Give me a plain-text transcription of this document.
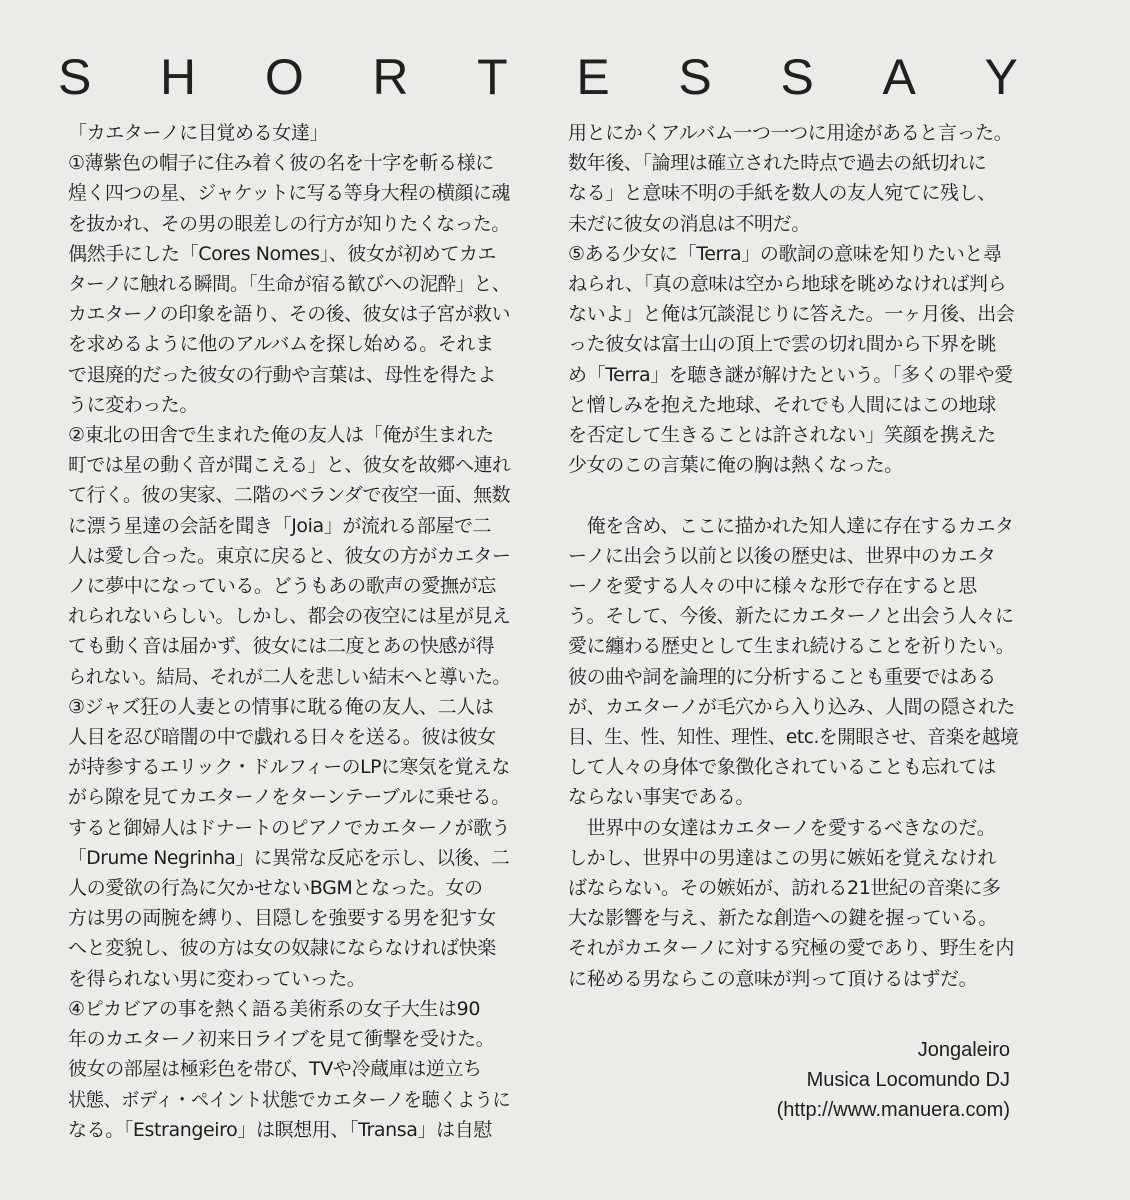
S H O R T E S S A Y

「カエターノに目覚める女達」

①薄紫色の帽子に住み着く彼の名を十字を斬る様に

煌く四つの星、ジャケットに写る等身大程の横顔に魂

を抜かれ、その男の眼差しの行方が知りたくなった。

偶然手にした「Cores Nomes」、彼女が初めてカエ

ターノに触れる瞬間。「生命が宿る歓びへの泥酔」と、

カエターノの印象を語り、その後、彼女は子宮が救い

を求めるように他のアルバムを探し始める。それま

で退廃的だった彼女の行動や言葉は、母性を得たよ

うに変わった。

②東北の田舎で生まれた俺の友人は「俺が生まれた

町では星の動く音が聞こえる」と、彼女を故郷へ連れ

て行く。彼の実家、二階のベランダで夜空一面、無数

に漂う星達の会話を聞き「Joia」が流れる部屋で二

人は愛し合った。東京に戻ると、彼女の方がカエター

ノに夢中になっている。どうもあの歌声の愛撫が忘

れられないらしい。しかし、都会の夜空には星が見え

ても動く音は届かず、彼女には二度とあの快感が得

られない。結局、それが二人を悲しい結末へと導いた。

③ジャズ狂の人妻との情事に耽る俺の友人、二人は

人目を忍び暗闇の中で戯れる日々を送る。彼は彼女

が持参するエリック・ドルフィーのLPに寒気を覚えな

がら隙を見てカエターノをターンテーブルに乗せる。

すると御婦人はドナートのピアノでカエターノが歌う

「Drume Negrinha」に異常な反応を示し、以後、二

人の愛欲の行為に欠かせないBGMとなった。女の

方は男の両腕を縛り、目隠しを強要する男を犯す女

へと変貌し、彼の方は女の奴隷にならなければ快楽

を得られない男に変わっていった。

④ピカビアの事を熱く語る美術系の女子大生は90

年のカエターノ初来日ライブを見て衝撃を受けた。

彼女の部屋は極彩色を帯び、TVや冷蔵庫は逆立ち

状態、ボディ・ペイント状態でカエターノを聴くように

なる。「Estrangeiro」は瞑想用、「Transa」は自慰

用とにかくアルバム一つ一つに用途があると言った。

数年後、「論理は確立された時点で過去の紙切れに

なる」と意味不明の手紙を数人の友人宛てに残し、

未だに彼女の消息は不明だ。

⑤ある少女に「Terra」の歌詞の意味を知りたいと尋

ねられ、「真の意味は空から地球を眺めなければ判ら

ないよ」と俺は冗談混じりに答えた。一ヶ月後、出会

った彼女は富士山の頂上で雲の切れ間から下界を眺

め「Terra」を聴き謎が解けたという。「多くの罪や愛

と憎しみを抱えた地球、それでも人間にはこの地球

を否定して生きることは許されない」笑顔を携えた

少女のこの言葉に俺の胸は熱くなった。

　俺を含め、ここに描かれた知人達に存在するカエタ

ーノに出会う以前と以後の歴史は、世界中のカエタ

ーノを愛する人々の中に様々な形で存在すると思

う。そして、今後、新たにカエターノと出会う人々に

愛に纏わる歴史として生まれ続けることを祈りたい。

彼の曲や詞を論理的に分析することも重要ではある

が、カエターノが毛穴から入り込み、人間の隠された

目、生、性、知性、理性、etc.を開眼させ、音楽を越境

して人々の身体で象徴化されていることも忘れては

ならない事実である。

　世界中の女達はカエターノを愛するべきなのだ。

しかし、世界中の男達はこの男に嫉妬を覚えなけれ

ばならない。その嫉妬が、訪れる21世紀の音楽に多

大な影響を与え、新たな創造への鍵を握っている。

それがカエターノに対する究極の愛であり、野生を内

に秘める男ならこの意味が判って頂けるはずだ。

Jongaleiro
Musica Locomundo DJ
(http://www.manuera.com)
